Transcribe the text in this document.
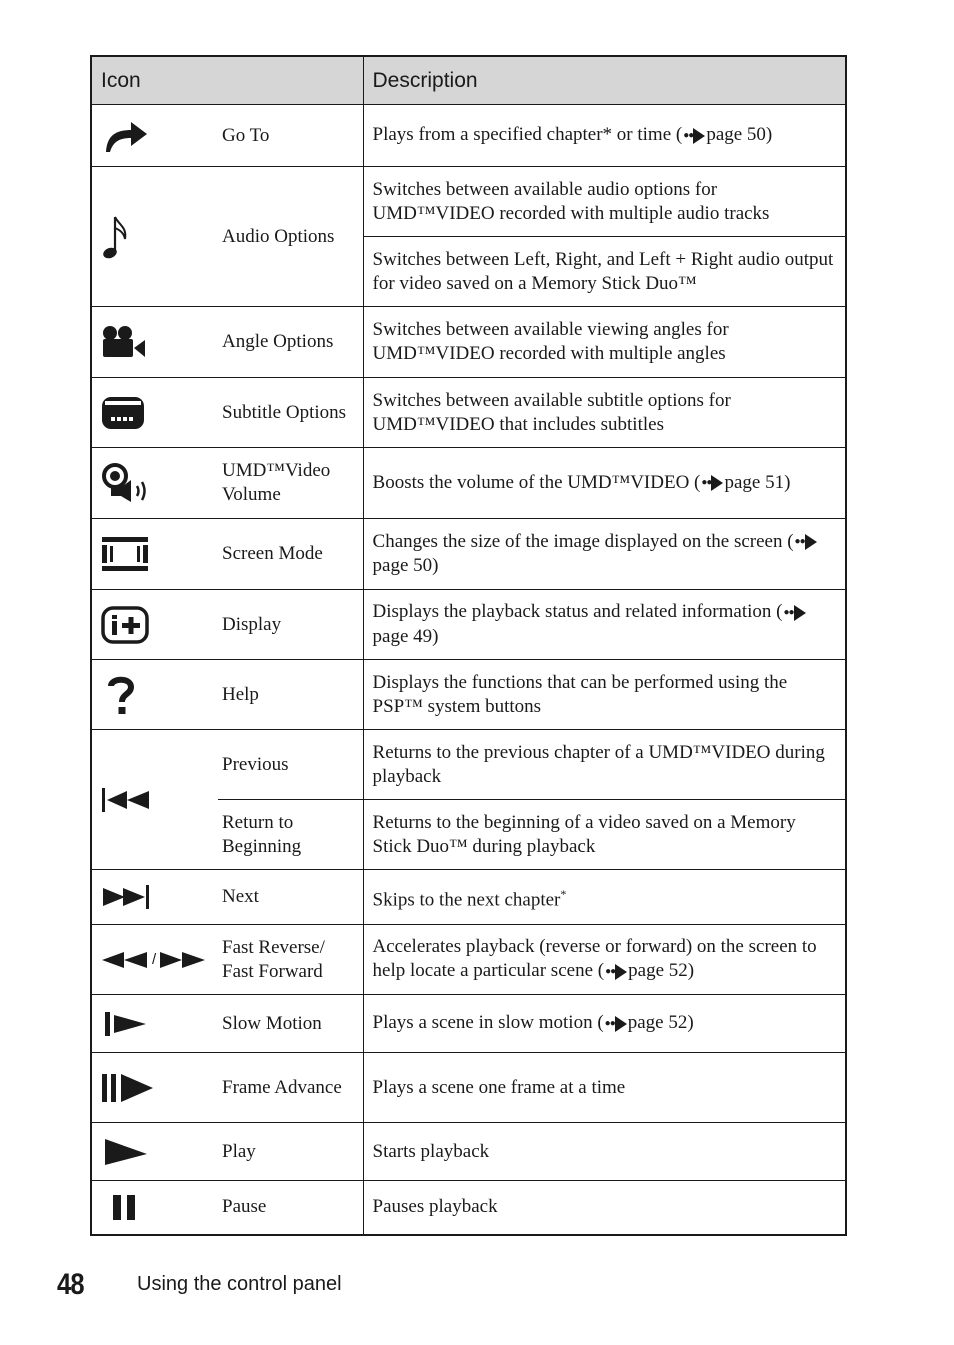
Icon		Description

	Go To	Plays from a specified chapter* or time ( ●● page 50)

	Audio Options	Switches between available audio options for UMD™VIDEO recorded with multiple audio tracks
		Switches between Left, Right, and Left + Right audio output for video saved on a Memory Stick Duo™

	Angle Options	Switches between available viewing angles for UMD™VIDEO recorded with multiple angles

	Subtitle Options	Switches between available subtitle options for UMD™VIDEO that includes subtitles

	UMD™Video Volume	Boosts the volume of the UMD™VIDEO ( ●● page 51)

	Screen Mode	Changes the size of the image displayed on the screen ( ●●
page 50)

	Display	Displays the playback status and related information ( ●●
page 49)

	Help	Displays the functions that can be performed using the PSP™ system buttons

	Previous	Returns to the previous chapter of a UMD™VIDEO during playback
	Return to Beginning	Returns to the beginning of a video saved on a Memory Stick Duo™ during playback

	Next	Skips to the next chapter*

/	Fast Reverse/ Fast Forward	Accelerates playback (reverse or forward) on the screen to help locate a particular scene ( ●● page 52)

	Slow Motion	Plays a scene in slow motion ( ●● page 52)

	Frame Advance	Plays a scene one frame at a time

	Play	Starts playback

	Pause	Pauses playback
48	Using the control panel
